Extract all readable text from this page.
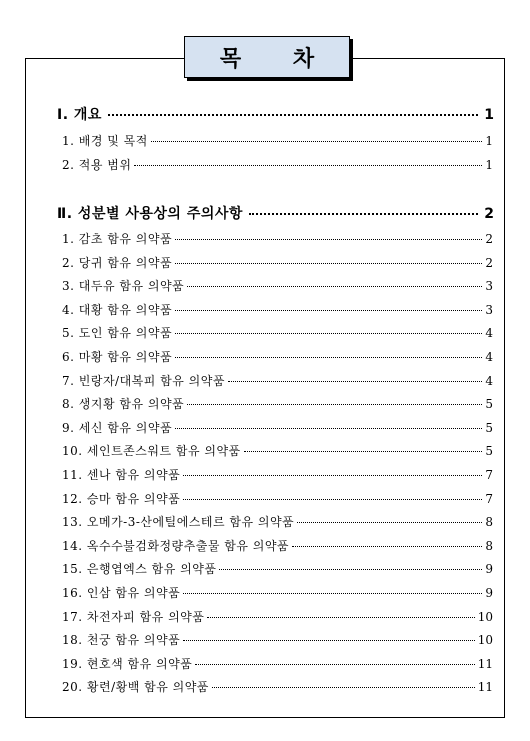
목 차
Ⅰ. 개요	1
1. 배경 및 목적	1
2. 적용 범위	1
Ⅱ. 성분별 사용상의 주의사항	2
1. 감초 함유 의약품	2
2. 당귀 함유 의약품	2
3. 대두유 함유 의약품	3
4. 대황 함유 의약품	3
5. 도인 함유 의약품	4
6. 마황 함유 의약품	4
7. 빈랑자/대복피 함유 의약품	4
8. 생지황 함유 의약품	5
9. 세신 함유 의약품	5
10. 세인트존스워트 함유 의약품	5
11. 센나 함유 의약품	7
12. 승마 함유 의약품	7
13. 오메가-3-산에틸에스테르 함유 의약품	8
14. 옥수수불검화정량추출물 함유 의약품	8
15. 은행엽엑스 함유 의약품	9
16. 인삼 함유 의약품	9
17. 차전자피 함유 의약품	10
18. 천궁 함유 의약품	10
19. 현호색 함유 의약품	11
20. 황련/황백 함유 의약품	11
